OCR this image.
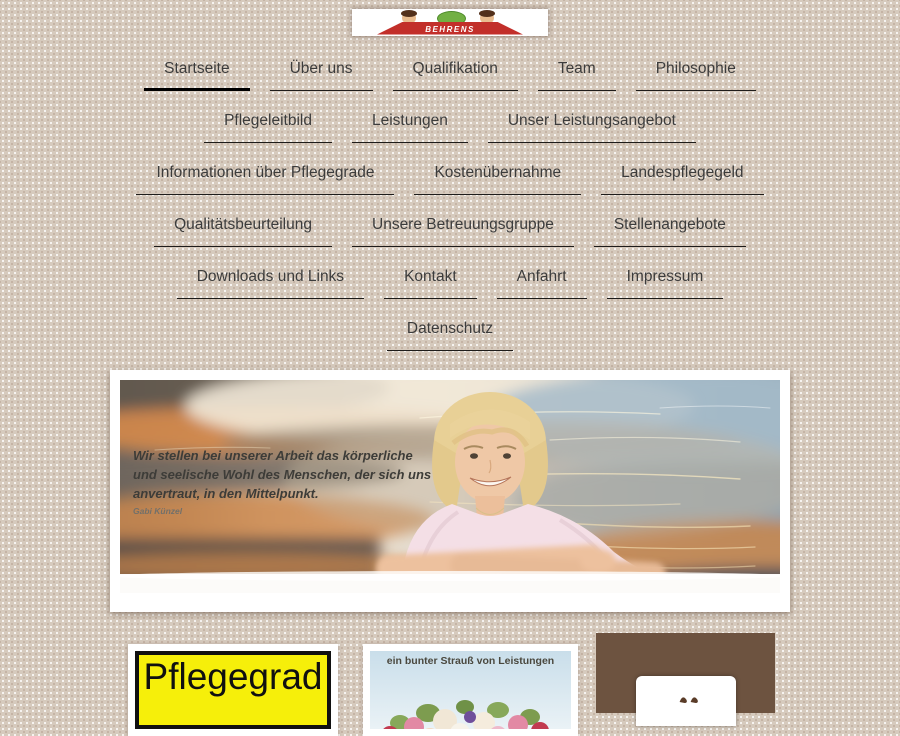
BEHRENS
Startseite	Über uns	Qualifikation	Team	Philosophie
Pflegeleitbild	Leistungen	Unser Leistungsangebot
Informationen über Pflegegrade	Kostenübernahme	Landespflegegeld
Qualitätsbeurteilung	Unsere Betreuungsgruppe	Stellenangebote
Downloads und Links	Kontakt	Anfahrt	Impressum
Datenschutz
Wir stellen bei unserer Arbeit das körperliche
und seelische Wohl des Menschen, der sich uns
anvertraut, in den Mittelpunkt.
Gabi Künzel
Pflegegrad	ein bunter Strauß von Leistungen
